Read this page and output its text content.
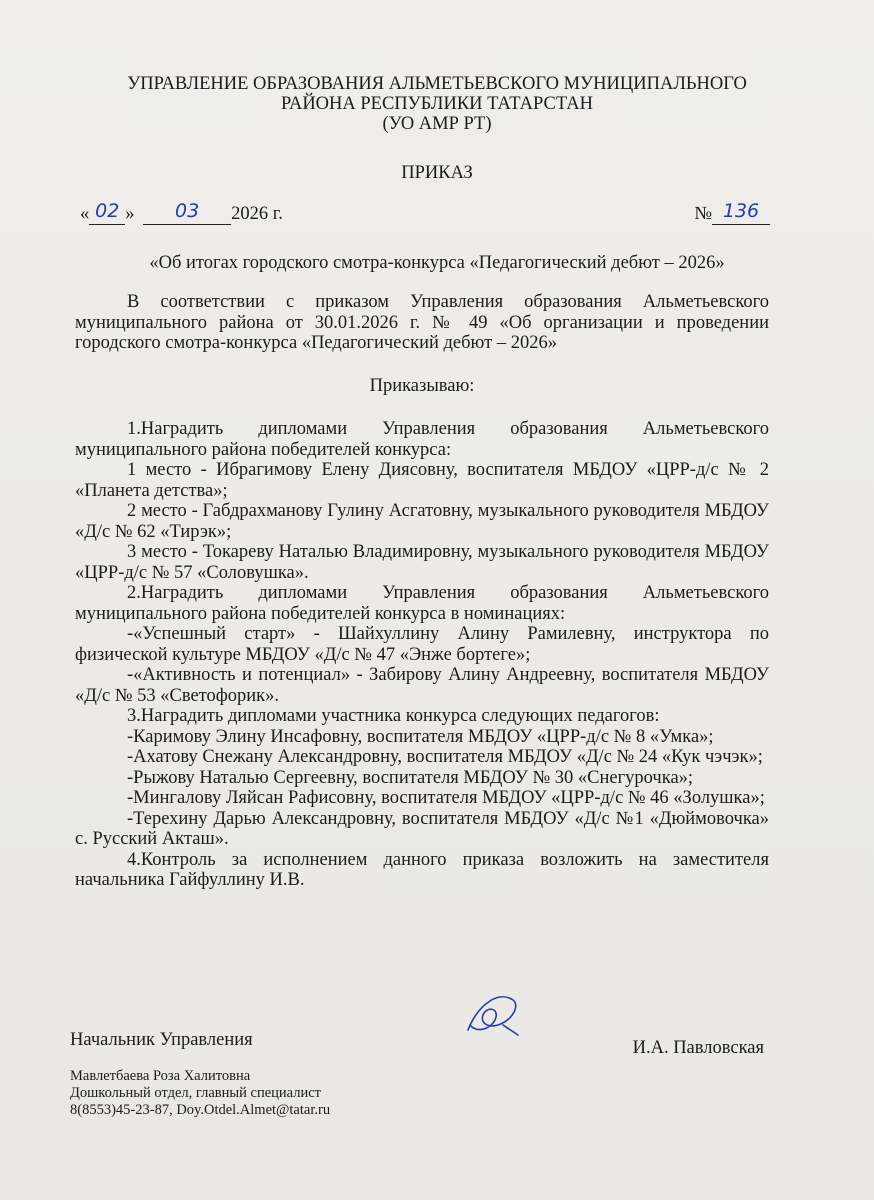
УПРАВЛЕНИЕ ОБРАЗОВАНИЯ АЛЬМЕТЬЕВСКОГО МУНИЦИПАЛЬНОГО
РАЙОНА РЕСПУБЛИКИ ТАТАРСТАН
(УО АМР РТ)
ПРИКАЗ
« 02 » 03 2026 г.	№ 136
«Об итогах городского смотра-конкурса «Педагогический дебют – 2026»

В соответствии с приказом Управления образования Альметьевского муниципального района от 30.01.2026 г. № 49 «Об организации и проведении городского смотра-конкурса «Педагогический дебют – 2026»

Приказываю:

1.Наградить дипломами Управления образования Альметьевского муниципального района победителей конкурса:

1 место - Ибрагимову Елену Диясовну, воспитателя МБДОУ «ЦРР-д/с № 2 «Планета детства»;

2 место - Габдрахманову Гулину Асгатовну, музыкального руководителя МБДОУ «Д/с № 62 «Тирэк»;

3 место - Токареву Наталью Владимировну, музыкального руководителя МБДОУ «ЦРР-д/с № 57 «Соловушка».

2.Наградить дипломами Управления образования Альметьевского муниципального района победителей конкурса в номинациях:

-«Успешный старт» - Шайхуллину Алину Рамилевну, инструктора по физической культуре МБДОУ «Д/с № 47 «Энже бортеге»;

-«Активность и потенциал» - Забирову Алину Андреевну, воспитателя МБДОУ «Д/с № 53 «Светофорик».

3.Наградить дипломами участника конкурса следующих педагогов:

-Каримову Элину Инсафовну, воспитателя МБДОУ «ЦРР-д/с № 8 «Умка»;

-Ахатову Снежану Александровну, воспитателя МБДОУ «Д/с № 24 «Кук чэчэк»;

-Рыжову Наталью Сергеевну, воспитателя МБДОУ № 30 «Снегурочка»;

-Мингалову Ляйсан Рафисовну, воспитателя МБДОУ «ЦРР-д/с № 46 «Золушка»;

-Терехину Дарью Александровну, воспитателя МБДОУ «Д/с №1 «Дюймовочка» с. Русский Акташ».

4.Контроль за исполнением данного приказа возложить на заместителя начальника Гайфуллину И.В.

Начальник Управления	И.А. Павловская
Мавлетбаева Роза Халитовна
Дошкольный отдел, главный специалист
8(8553)45-23-87, Doy.Otdel.Almet@tatar.ru
